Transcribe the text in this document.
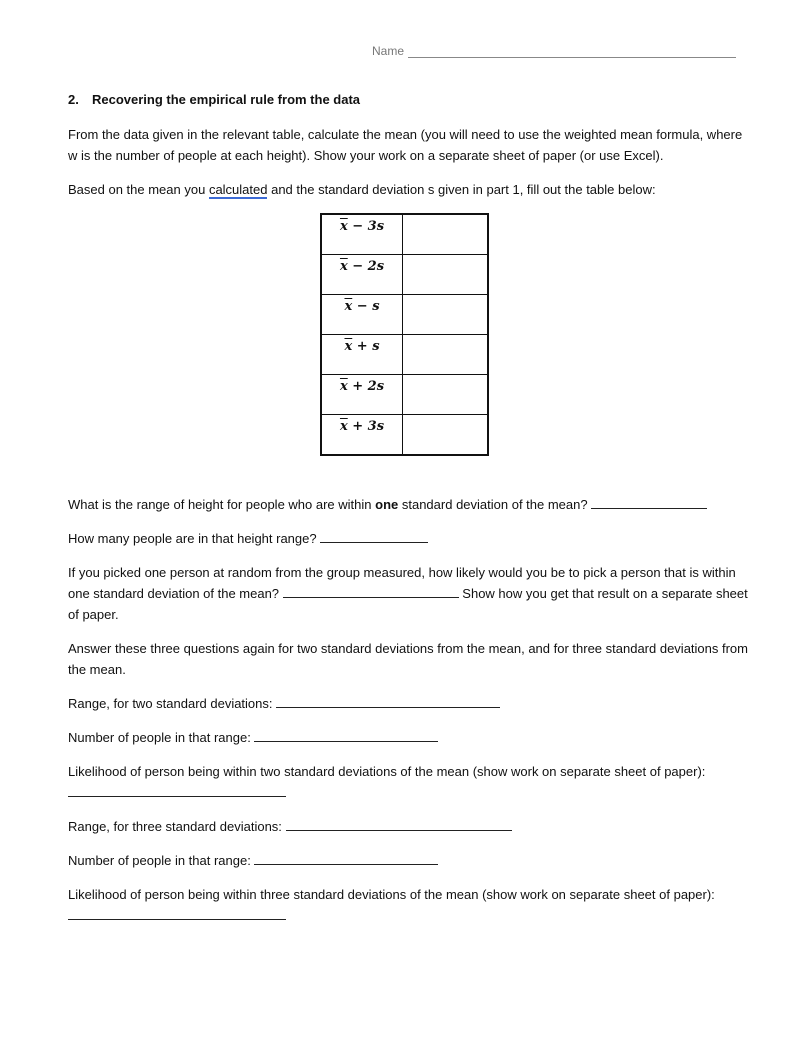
Name
2. Recovering the empirical rule from the data

From the data given in the relevant table, calculate the mean (you will need to use the weighted mean formula, where w is the number of people at each height). Show your work on a separate sheet of paper (or use Excel).

Based on the mean you calculated and the standard deviation s given in part 1, fill out the table below:

$\overline{x} - 3s$	
$\overline{x} - 2s$	
$\overline{x} - s$	
$\overline{x} + s$	
$\overline{x} + 2s$	
$\overline{x} + 3s$	

What is the range of height for people who are within one standard deviation of the mean?

How many people are in that height range?

If you picked one person at random from the group measured, how likely would you be to pick a person that is within one standard deviation of the mean?	Show how you get that result on a separate sheet of paper.

Answer these three questions again for two standard deviations from the mean, and for three standard deviations from the mean.

Range, for two standard deviations:

Number of people in that range:

Likelihood of person being within two standard deviations of the mean (show work on separate sheet of paper):

Range, for three standard deviations:

Number of people in that range:

Likelihood of person being within three standard deviations of the mean (show work on separate sheet of paper):
